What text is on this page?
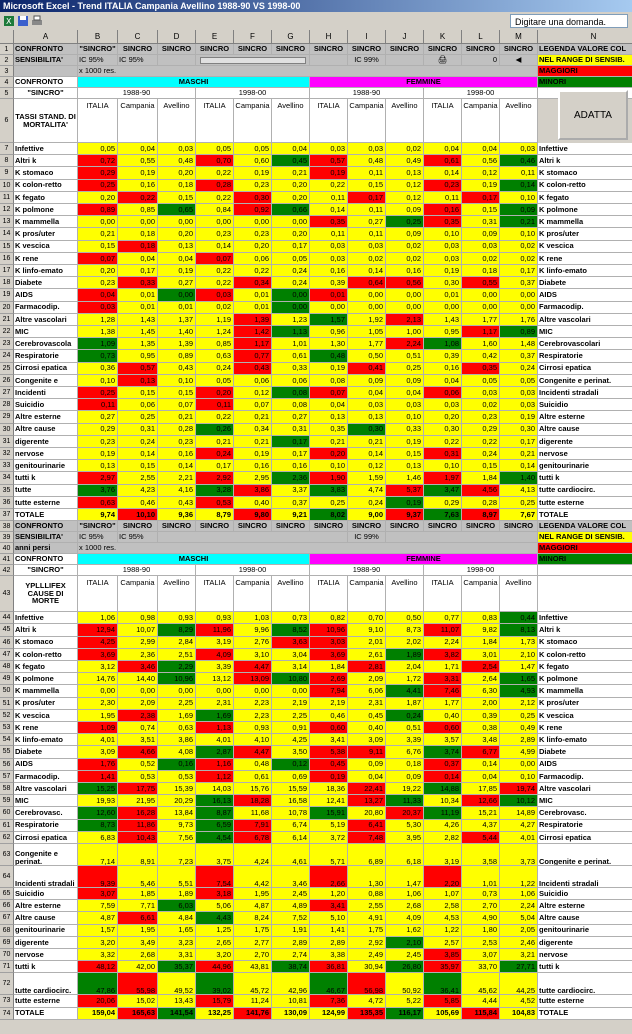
Microsoft Excel - Trend ITALIA Campania Avellino 1988-90 VS 1998-00
X	Digitare una domanda.
A	B	C	D	E	F	G	H	I	J	K	L	M	N
1 CONFRONTO	"SINCRO" SINCRO	SINCRO	SINCRO	SINCRO	SINCRO	SINCRO	SINCRO	SINCRO	SINCRO	SINCRO	SINCRO LEGENDA VALORE COL
2 SENSIBILITA'	IC 95%	IC 95%	IC 99%	🖨	0	◀	NEL RANGE DI SENSIB.
3	x 1000 res.	MAGGIORI
4 CONFRONTO	MASCHI	FEMMINE	MINORI
5	"SINCRO"	1988-90	1998-00	1988-90	1998-00
6 TASSI STAND. DI MORTALITA'
ITALIA	Campania	Avellino	ITALIA	Campania	Avellino	ITALIA	Campania	Avellino	ITALIA	Campania	Avellino
ADATTA
7 Infettive	0,05	0,04	0,03	0,05	0,05	0,04	0,03	0,03	0,02	0,04	0,04	0,03 Infettive
8 Altri k	0,72	0,55	0,48	0,70	0,60	0,45	0,57	0,48	0,49	0,61	0,56	0,46 Altri k
9 K stomaco	0,29	0,19	0,20	0,22	0,19	0,21	0,19	0,11	0,13	0,14	0,12	0,11 K stomaco
10 K colon-retto	0,25	0,16	0,18	0,28	0,23	0,20	0,22	0,15	0,12	0,23	0,19	0,14 K colon-retto
11 K fegato	0,20	0,22	0,15	0,22	0,30	0,20	0,11	0,17	0,12	0,11	0,17	0,10 K fegato
12 K polmone	0,89	0,85	0,65	0,84	0,92	0,66	0,14	0,11	0,09	0,16	0,15	0,09 K polmone
13 K mammella	0,00	0,00	0,00	0,00	0,00	0,00	0,35	0,27	0,25	0,35	0,31	0,21 K mammella
14 K pros/uter	0,21	0,18	0,20	0,23	0,23	0,20	0,11	0,11	0,09	0,10	0,09	0,10 K pros/uter
15 K vescica	0,15	0,18	0,13	0,14	0,20	0,17	0,03	0,03	0,02	0,03	0,03	0,02 K vescica
16 K rene	0,07	0,04	0,04	0,07	0,06	0,05	0,03	0,02	0,02	0,03	0,02	0,02 K rene
17 K linfo-emato	0,20	0,17	0,19	0,22	0,22	0,24	0,16	0,14	0,16	0,19	0,18	0,17 K linfo-emato
18 Diabete	0,23	0,33	0,27	0,22	0,34	0,24	0,39	0,64	0,56	0,30	0,55	0,37 Diabete
19 AIDS	0,04	0,01	0,00	0,03	0,01	0,00	0,01	0,00	0,00	0,01	0,00	0,00 AIDS
20 Farmacodip.	0,03	0,01	0,01	0,02	0,01	0,00	0,00	0,00	0,00	0,00	0,00	0,00 Farmacodip.
21 Altre vascolari	1,28	1,43	1,37	1,19	1,39	1,23	1,57	1,92	2,13	1,43	1,77	1,76 Altre vascolari
22 MIC	1,38	1,45	1,40	1,24	1,42	1,13	0,96	1,05	1,00	0,95	1,17	0,89 MIC
23 Cerebrovascola	1,09	1,35	1,39	0,85	1,17	1,01	1,30	1,77	2,24	1,08	1,60	1,48 Cerebrovascolari
24 Respiratorie	0,73	0,95	0,89	0,63	0,77	0,61	0,48	0,50	0,51	0,39	0,42	0,37 Respiratorie
25 Cirrosi epatica	0,36	0,57	0,43	0,24	0,43	0,33	0,19	0,41	0,25	0,16	0,35	0,24 Cirrosi epatica
26 Congenite e	0,10	0,13	0,10	0,05	0,06	0,06	0,08	0,09	0,09	0,04	0,05	0,05 Congenite e perinat.
27 Incidenti	0,25	0,15	0,15	0,20	0,12	0,08	0,07	0,04	0,04	0,06	0,03	0,03 Incidenti stradali
28 Suicidio	0,11	0,06	0,07	0,11	0,07	0,08	0,04	0,03	0,03	0,03	0,02	0,03 Suicidio
29 Altre esterne	0,27	0,25	0,21	0,22	0,21	0,27	0,13	0,13	0,10	0,20	0,23	0,19 Altre esterne
30 Altre cause	0,29	0,31	0,28	0,26	0,34	0,31	0,35	0,30	0,33	0,30	0,29	0,30 Altre cause
31 digerente	0,23	0,24	0,23	0,21	0,21	0,17	0,21	0,21	0,19	0,22	0,22	0,17 digerente
32 nervose	0,19	0,14	0,16	0,24	0,19	0,17	0,20	0,14	0,15	0,31	0,24	0,21 nervose
33 genitourinarie	0,13	0,15	0,14	0,17	0,16	0,16	0,10	0,12	0,13	0,10	0,15	0,14 genitourinarie
34 tutti k	2,97	2,55	2,21	2,92	2,95	2,36	1,90	1,59	1,46	1,97	1,84	1,40 tutti k
35 tutte	3,76	4,23	4,16	3,28	3,86	3,37	3,83	4,74	5,37	3,47	4,56	4,13 tutte cardiocirc.
36 tutte esterne	0,63	0,46	0,43	0,53	0,40	0,37	0,25	0,24	0,19	0,29	0,28	0,25 tutte esterne
37 TOTALE	9,74	10,10	9,36	8,79	9,80	9,21	8,02	9,00	9,37	7,63	8,97	7,67 TOTALE
38 CONFRONTO	"SINCRO" SINCRO	SINCRO	SINCRO	SINCRO	SINCRO	SINCRO	SINCRO	SINCRO	SINCRO	SINCRO	SINCRO LEGENDA VALORE COL
39 SENSIBILITA'	IC 95%	IC 95%	IC 99%	NEL RANGE DI SENSIB.
40 anni persi	x 1000 res.	MAGGIORI
41 CONFRONTO	MASCHI	FEMMINE	MINORI
42	"SINCRO"	1988-90	1998-00	1988-90	1998-00
43
YPLLLIFEX CAUSE DI MORTE
ITALIA	Campania	Avellino	ITALIA	Campania	Avellino	ITALIA	Campania	Avellino	ITALIA	Campania	Avellino
44 Infettive	1,06	0,98	0,93	0,93	1,03	0,73	0,82	0,70	0,50	0,77	0,83	0,44 Infettive
45 Altri k	12,94	10,07	8,29	11,96	9,96	8,52	10,96	9,10	8,73	11,07	9,82	8,13 Altri k
46 K stomaco	4,25	2,99	2,84	3,19	2,76	3,63	3,03	2,01	2,02	2,24	1,84	1,73 K stomaco
47 K colon-retto	3,69	2,36	2,51	4,09	3,10	3,04	3,69	2,61	1,89	3,82	3,01	2,10 K colon-retto
48 K fegato	3,12	3,46	2,29	3,39	4,47	3,14	1,84	2,81	2,04	1,71	2,54	1,47 K fegato
49 K polmone	14,76	14,40	10,96	13,12	13,09	10,80	2,69	2,09	1,72	3,31	2,64	1,65 K polmone
50 K mammella	0,00	0,00	0,00	0,00	0,00	0,00	7,94	6,06	4,41	7,46	6,30	4,93 K mammella
51 K pros/uter	2,30	2,09	2,25	2,31	2,23	2,19	2,19	2,31	1,87	1,77	2,00	2,12 K pros/uter
52 K vescica	1,95	2,38	1,69	1,69	2,23	2,25	0,46	0,45	0,24	0,40	0,39	0,25 K vescica
53 K rene	1,09	0,74	0,63	1,13	0,93	0,91	0,60	0,40	0,51	0,60	0,38	0,49 K rene
54 K linfo-emato	4,01	3,51	3,86	4,01	4,10	4,25	3,41	3,09	3,39	3,57	3,48	2,89 K linfo-emato
55 Diabete	3,09	4,66	4,08	2,87	4,47	3,50	5,38	9,11	6,76	3,74	6,77	4,99 Diabete
56 AIDS	1,76	0,52	0,16	1,16	0,48	0,12	0,45	0,09	0,18	0,37	0,14	0,00 AIDS
57 Farmacodip.	1,41	0,53	0,53	1,12	0,61	0,69	0,19	0,04	0,09	0,14	0,04	0,10 Farmacodip.
58 Altre vascolari	15,25	17,75	15,39	14,03	15,76	15,59	18,36	22,41	19,22	14,88	17,85	19,74 Altre vascolari
59 MIC	19,93	21,95	20,29	16,13	18,28	16,58	12,41	13,27	11,33	10,34	12,66	10,12 MIC
60 Cerebrovasc.	12,60	16,28	13,84	8,87	11,68	10,78	15,91	20,80	20,37	11,19	15,21	14,89 Cerebrovasc.
61 Respiratorie	8,73	11,86	9,73	6,59	7,91	6,74	5,19	6,41	5,30	4,26	4,37	4,27 Respiratorie
62 Cirrosi epatica	6,83	10,43	7,56	4,54	6,78	6,14	3,72	7,48	3,95	2,82	5,44	4,01 Cirrosi epatica
63 Congenite e perinat.	7,14	8,91	7,23	3,75	4,24	4,61	5,71	6,89	6,18	3,19	3,58	3,73 Congenite e perinat.
64
Incidenti stradali	9,39	5,46	5,51	7,54	4,42	3,46	2,66	1,30	1,47	2,20	1,01	1,22 Incidenti stradali
65 Suicidio	3,07	1,85	1,89	3,18	1,95	2,45	1,20	0,88	1,06	1,07	0,73	1,06 Suicidio
66 Altre esterne	7,59	7,71	6,03	5,06	4,87	4,89	3,41	2,55	2,68	2,58	2,70	2,24 Altre esterne
67 Altre cause	4,87	6,61	4,84	4,43	8,24	7,52	5,10	4,91	4,09	4,53	4,90	5,04 Altre cause
68 genitourinarie	1,57	1,95	1,65	1,25	1,75	1,91	1,41	1,75	1,62	1,22	1,80	2,05 genitourinarie
69 digerente	3,20	3,49	3,23	2,65	2,77	2,89	2,89	2,92	2,10	2,57	2,53	2,46 digerente
70 nervose	3,32	2,68	3,31	3,20	2,70	2,74	3,38	2,49	2,45	3,85	3,07	3,21 nervose
71 tutti k	48,12	42,00	35,37	44,96	43,81	38,74	36,81	30,94	26,80	35,97	33,70	27,71 tutti k
72
tutte cardiocirc.	47,86	55,98	49,52	39,02	45,72	42,96	46,67	56,98	50,92	36,41	45,62	44,25 tutte cardiocirc.
73 tutte esterne	20,06	15,02	13,43	15,79	11,24	10,81	7,36	4,72	5,22	5,85	4,44	4,52 tutte esterne
74 TOTALE	159,04	165,63	141,54	132,25	141,76	130,09	124,99	135,35	116,17	105,69	115,84	104,83 TOTALE
